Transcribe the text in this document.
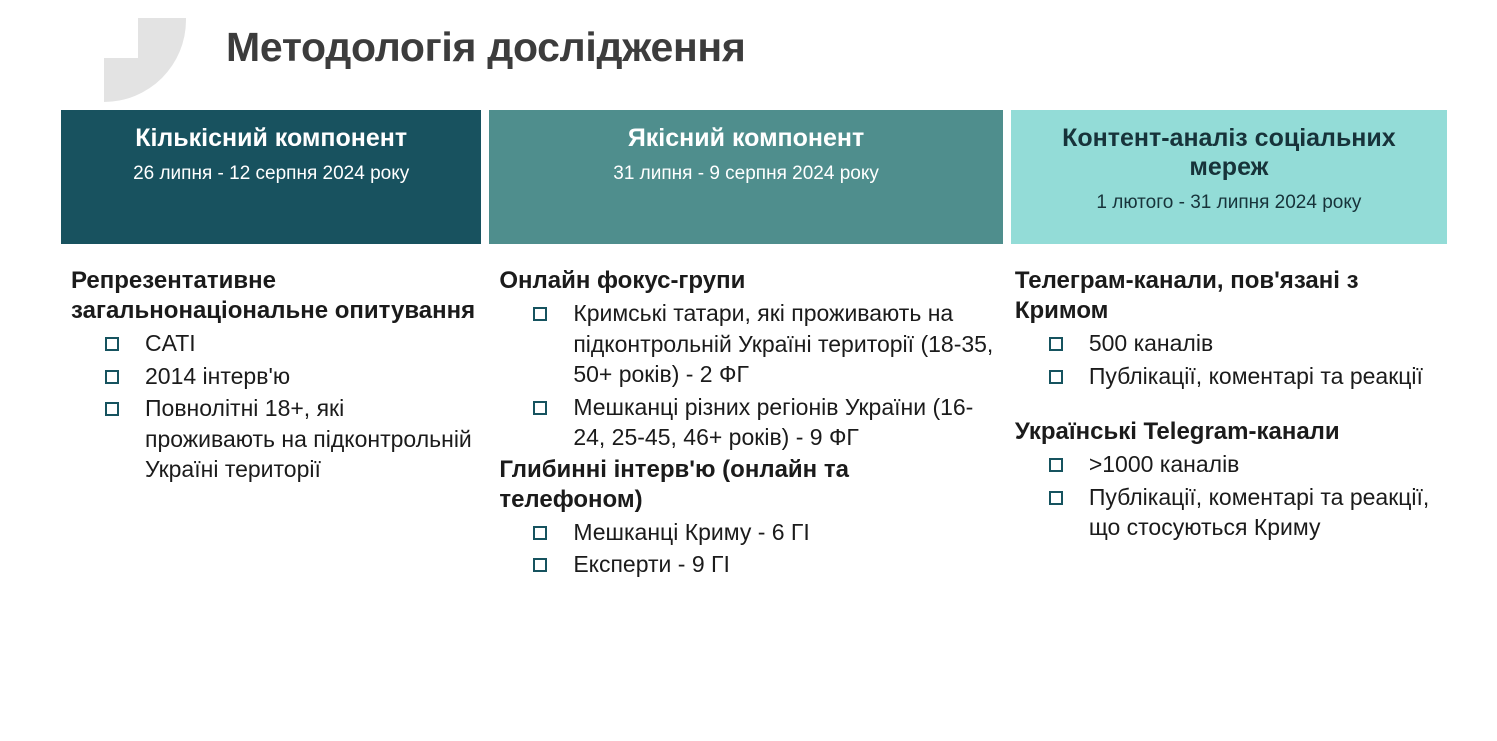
Методологія дослідження
Кількісний компонент
26 липня - 12 серпня 2024 року
Репрезентативне загальнонаціональне опитування
CATI
2014 інтерв'ю
Повнолітні 18+, які проживають на підконтрольній Україні території
Якісний компонент
31 липня - 9 серпня 2024 року
Онлайн фокус-групи
Кримські татари, які проживають на підконтрольній Україні території (18-35, 50+ років) - 2 ФГ
Мешканці різних регіонів України (16-24, 25-45, 46+ років) - 9 ФГ
Глибинні інтерв'ю (онлайн та телефоном)
Мешканці Криму - 6 ГІ
Експерти - 9 ГІ
Контент-аналіз соціальних мереж
1 лютого - 31 липня 2024 року
Телеграм-канали, пов'язані з Кримом
500 каналів
Публікації, коментарі та реакції
Українські Telegram-канали
>1000 каналів
Публікації, коментарі та реакції, що стосуються Криму
